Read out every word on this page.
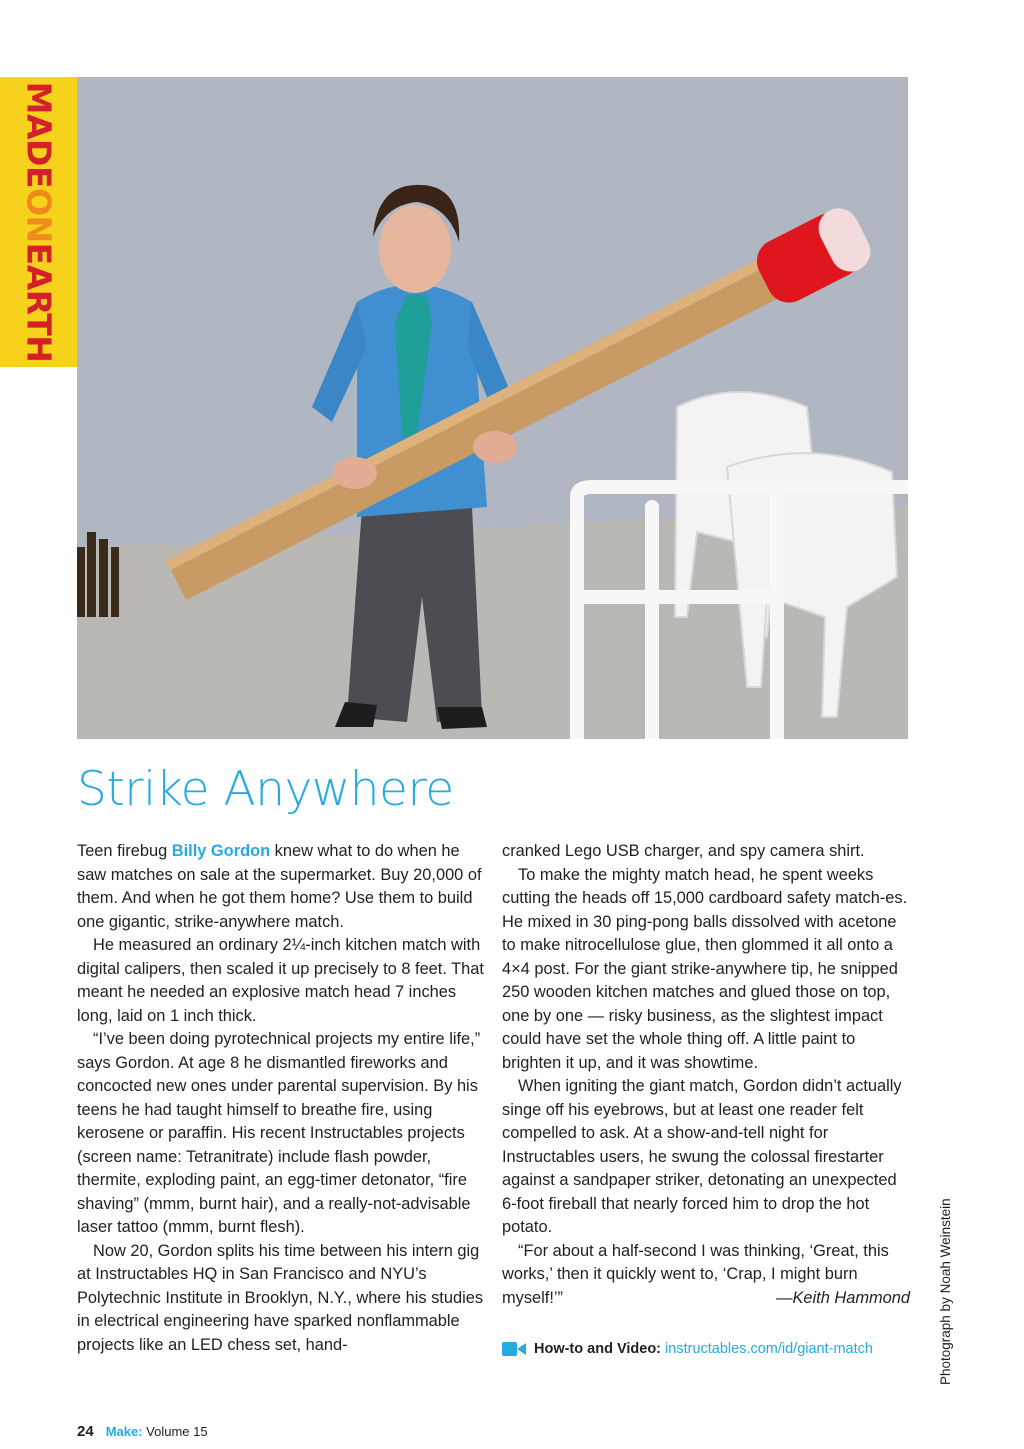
MADEONEARTH
Strike Anywhere

Teen firebug Billy Gordon knew what to do when he saw matches on sale at the supermarket. Buy 20,000 of them. And when he got them home? Use them to build one gigantic, strike-anywhere match.

He measured an ordinary 2¼-inch kitchen match with digital calipers, then scaled it up precisely to 8 feet. That meant he needed an explosive match head 7 inches long, laid on 1 inch thick.

“I’ve been doing pyrotechnical projects my entire life,” says Gordon. At age 8 he dismantled fireworks and concocted new ones under parental supervision. By his teens he had taught himself to breathe fire, using kerosene or paraffin. His recent Instructables projects (screen name: Tetranitrate) include flash powder, thermite, exploding paint, an egg-timer detonator, “fire shaving” (mmm, burnt hair), and a really-not-advisable laser tattoo (mmm, burnt flesh).

Now 20, Gordon splits his time between his intern gig at Instructables HQ in San Francisco and NYU’s Polytechnic Institute in Brooklyn, N.Y., where his studies in electrical engineering have sparked nonflammable projects like an LED chess set, hand-

cranked Lego USB charger, and spy camera shirt.

To make the mighty match head, he spent weeks cutting the heads off 15,000 cardboard safety match-es. He mixed in 30 ping-pong balls dissolved with acetone to make nitrocellulose glue, then glommed it all onto a 4×4 post. For the giant strike-anywhere tip, he snipped 250 wooden kitchen matches and glued those on top, one by one — risky business, as the slightest impact could have set the whole thing off. A little paint to brighten it up, and it was showtime.

When igniting the giant match, Gordon didn’t actually singe off his eyebrows, but at least one reader felt compelled to ask. At a show-and-tell night for Instructables users, he swung the colossal firestarter against a sandpaper striker, detonating an unexpected 6-foot fireball that nearly forced him to drop the hot potato.

“For about a half-second I was thinking, ‘Great, this works,’ then it quickly went to, ‘Crap, I might burn myself!’”	—Keith Hammond

How-to and Video: instructables.com/id/giant-match	Photograph by Noah Weinstein
24 Make: Volume 15
